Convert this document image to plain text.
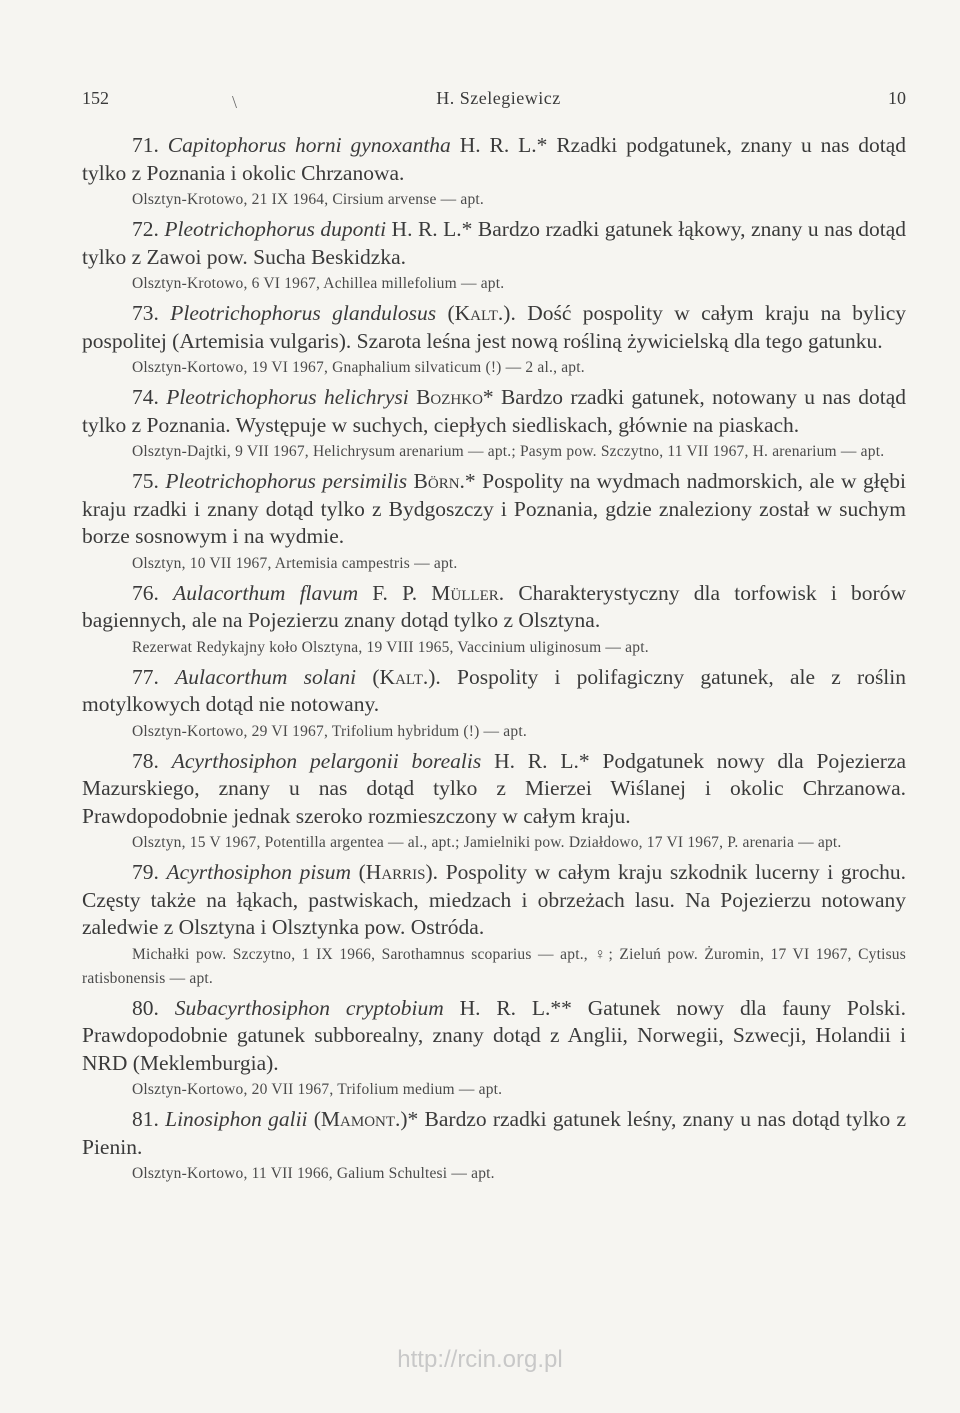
\
152	H. Szelegiewicz	10

71. Capitophorus horni gynoxantha H. R. L.* Rzadki podgatunek, znany u nas dotąd tylko z Poznania i okolic Chrzanowa.

Olsztyn-Krotowo, 21 IX 1964, Cirsium arvense — apt.

72. Pleotrichophorus duponti H. R. L.* Bardzo rzadki gatunek łąkowy, znany u nas dotąd tylko z Zawoi pow. Sucha Beskidzka.

Olsztyn-Krotowo, 6 VI 1967, Achillea millefolium — apt.

73. Pleotrichophorus glandulosus (Kalt.). Dość pospolity w całym kraju na bylicy pospolitej (Artemisia vulgaris). Szarota leśna jest nową rośliną żywicielską dla tego gatunku.

Olsztyn-Kortowo, 19 VI 1967, Gnaphalium silvaticum (!) — 2 al., apt.

74. Pleotrichophorus helichrysi Bozhko* Bardzo rzadki gatunek, notowany u nas dotąd tylko z Poznania. Występuje w suchych, ciepłych siedliskach, głównie na piaskach.

Olsztyn-Dajtki, 9 VII 1967, Helichrysum arenarium — apt.; Pasym pow. Szczytno, 11 VII 1967, H. arenarium — apt.

75. Pleotrichophorus persimilis Börn.* Pospolity na wydmach nadmorskich, ale w głębi kraju rzadki i znany dotąd tylko z Bydgoszczy i Poznania, gdzie znaleziony został w suchym borze sosnowym i na wydmie.

Olsztyn, 10 VII 1967, Artemisia campestris — apt.

76. Aulacorthum flavum F. P. Müller. Charakterystyczny dla torfowisk i borów bagiennych, ale na Pojezierzu znany dotąd tylko z Olsztyna.

Rezerwat Redykajny koło Olsztyna, 19 VIII 1965, Vaccinium uliginosum — apt.

77. Aulacorthum solani (Kalt.). Pospolity i polifagiczny gatunek, ale z roślin motylkowych dotąd nie notowany.

Olsztyn-Kortowo, 29 VI 1967, Trifolium hybridum (!) — apt.

78. Acyrthosiphon pelargonii borealis H. R. L.* Podgatunek nowy dla Pojezierza Mazurskiego, znany u nas dotąd tylko z Mierzei Wiślanej i okolic Chrzanowa. Prawdopodobnie jednak szeroko rozmieszczony w całym kraju.

Olsztyn, 15 V 1967, Potentilla argentea — al., apt.; Jamielniki pow. Działdowo, 17 VI 1967, P. arenaria — apt.

79. Acyrthosiphon pisum (Harris). Pospolity w całym kraju szkodnik lucerny i grochu. Częsty także na łąkach, pastwiskach, miedzach i obrzeżach lasu. Na Pojezierzu notowany zaledwie z Olsztyna i Olsztynka pow. Ostróda.

Michałki pow. Szczytno, 1 IX 1966, Sarothamnus scoparius — apt., ♀; Zieluń pow. Żuromin, 17 VI 1967, Cytisus ratisbonensis — apt.

80. Subacyrthosiphon cryptobium H. R. L.** Gatunek nowy dla fauny Polski. Prawdopodobnie gatunek subborealny, znany dotąd z Anglii, Norwegii, Szwecji, Holandii i NRD (Meklemburgia).

Olsztyn-Kortowo, 20 VII 1967, Trifolium medium — apt.

81. Linosiphon galii (Mamont.)* Bardzo rzadki gatunek leśny, znany u nas dotąd tylko z Pienin.

Olsztyn-Kortowo, 11 VII 1966, Galium Schultesi — apt.

http://rcin.org.pl
